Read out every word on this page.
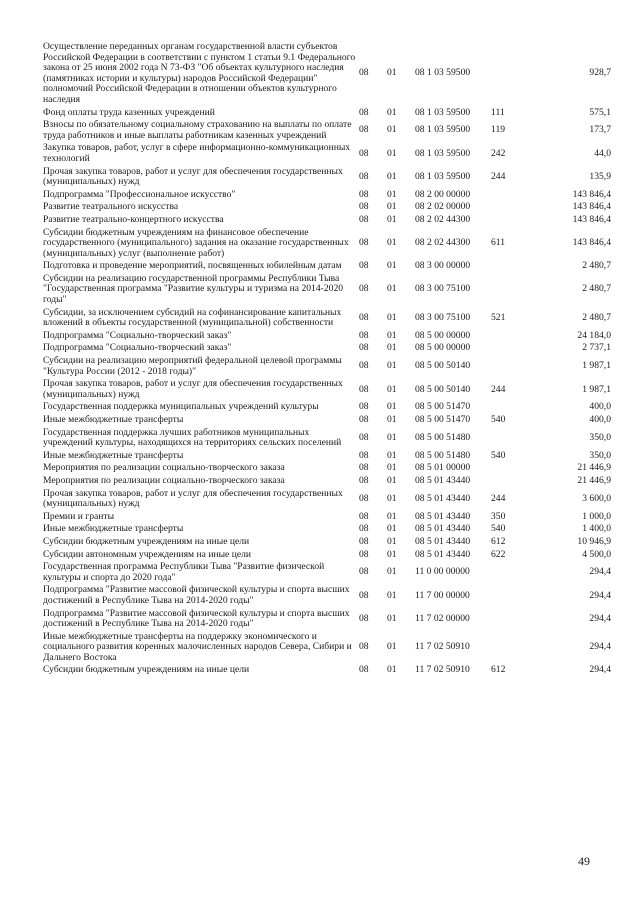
Осуществление переданных органам государственной власти субъектов Российской Федерации в соответствии с пунктом 1 статьи 9.1 Федерального закона от 25 июня 2002 года N 73-ФЗ "Об объектах культурного наследия (памятниках истории и культуры) народов Российской Федерации" полномочий Российской Федерации в отношении объектов культурного наследия	08	01	08 1 03 59500		928,7
Фонд оплаты труда казенных учреждений	08	01	08 1 03 59500	111	575,1
Взносы по обязательному социальному страхованию на выплаты по оплате труда работников и иные выплаты работникам казенных учреждений	08	01	08 1 03 59500	119	173,7
Закупка товаров, работ, услуг в сфере информационно-коммуникационных технологий	08	01	08 1 03 59500	242	44,0
Прочая закупка товаров, работ и услуг для обеспечения государственных (муниципальных) нужд	08	01	08 1 03 59500	244	135,9
Подпрограмма "Профессиональное искусство"	08	01	08 2 00 00000		143 846,4
Развитие театрального искусства	08	01	08 2 02 00000		143 846,4
Развитие театрально-концертного искусства	08	01	08 2 02 44300		143 846,4
Субсидии бюджетным учреждениям на финансовое обеспечение государственного (муниципального) задания на оказание государственных (муниципальных) услуг (выполнение работ)	08	01	08 2 02 44300	611	143 846,4
Подготовка и проведение мероприятий, посвященных юбилейным датам	08	01	08 3 00 00000		2 480,7
Субсидии на реализацию государственной программы Республики Тыва "Государственная программа "Развитие культуры и туризма на 2014-2020 годы"	08	01	08 3 00 75100		2 480,7
Субсидии, за исключением субсидий на софинансирование капитальных вложений в объекты государственной (муниципальной) собственности	08	01	08 3 00 75100	521	2 480,7
Подпрограмма "Социально-творческий заказ"	08	01	08 5 00 00000		24 184,0
Подпрограмма "Социально-творческий заказ"	08	01	08 5 00 00000		2 737,1
Субсидии на реализацию мероприятий федеральной целевой программы "Культура России (2012 - 2018 годы)"	08	01	08 5 00 50140		1 987,1
Прочая закупка товаров, работ и услуг для обеспечения государственных (муниципальных) нужд	08	01	08 5 00 50140	244	1 987,1
Государственная поддержка муниципальных учреждений культуры	08	01	08 5 00 51470		400,0
Иные межбюджетные трансферты	08	01	08 5 00 51470	540	400,0
Государственная поддержка лучших работников муниципальных учреждений культуры, находящихся на территориях сельских поселений	08	01	08 5 00 51480		350,0
Иные межбюджетные трансферты	08	01	08 5 00 51480	540	350,0
Мероприятия по реализации социально-творческого заказа	08	01	08 5 01 00000		21 446,9
Мероприятия по реализации социально-творческого заказа	08	01	08 5 01 43440		21 446,9
Прочая закупка товаров, работ и услуг для обеспечения государственных (муниципальных) нужд	08	01	08 5 01 43440	244	3 600,0
Премии и гранты	08	01	08 5 01 43440	350	1 000,0
Иные межбюджетные трансферты	08	01	08 5 01 43440	540	1 400,0
Субсидии бюджетным учреждениям на иные цели	08	01	08 5 01 43440	612	10 946,9
Субсидии автономным учреждениям на иные цели	08	01	08 5 01 43440	622	4 500,0
Государственная программа Республики Тыва "Развитие физической культуры и спорта до 2020 года"	08	01	11 0 00 00000		294,4
Подпрограмма "Развитие массовой физической культуры и спорта высших достижений в Республике Тыва на 2014-2020 годы"	08	01	11 7 00 00000		294,4
Подпрограмма "Развитие массовой физической культуры и спорта высших достижений в Республике Тыва на 2014-2020 годы"	08	01	11 7 02 00000		294,4
Иные межбюджетные трансферты на поддержку экономического и социального развития коренных малочисленных народов Севера, Сибири и Дальнего Востока	08	01	11 7 02 50910		294,4
Субсидии бюджетным учреждениям на иные цели	08	01	11 7 02 50910	612	294,4
49
